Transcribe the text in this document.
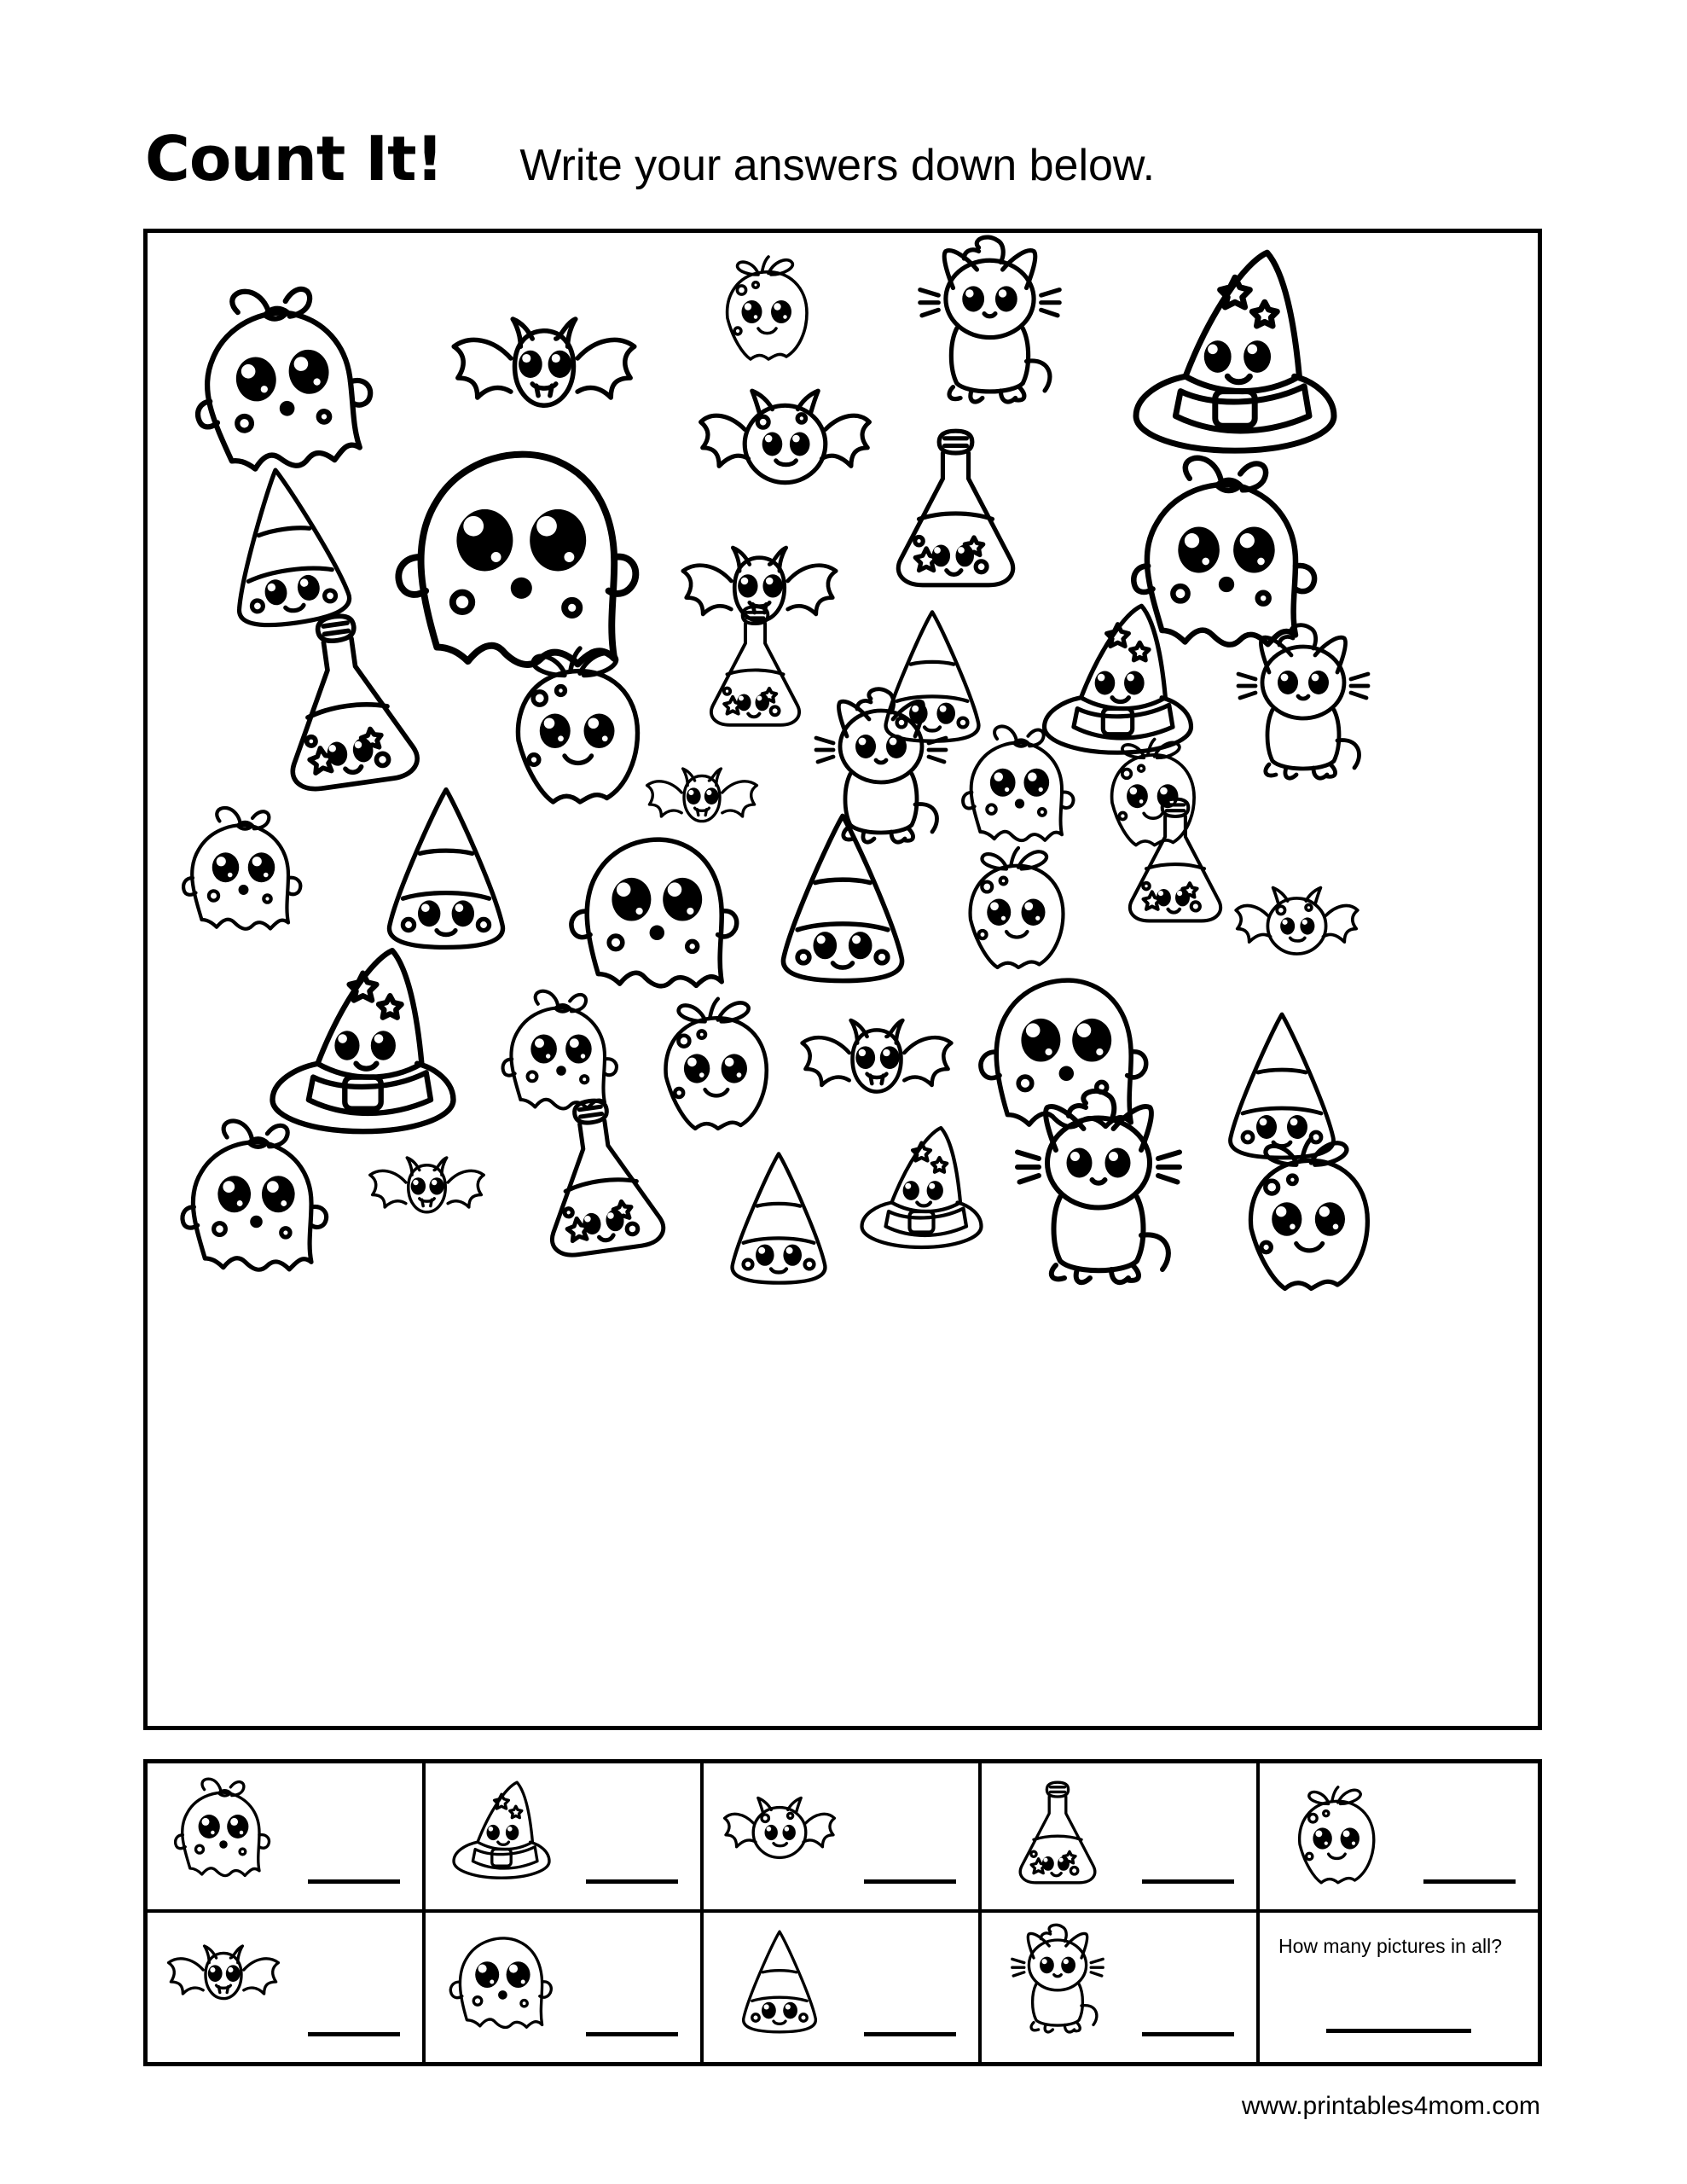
Count It! Write your answers down below.
How many pictures in all?
www.printables4mom.com
